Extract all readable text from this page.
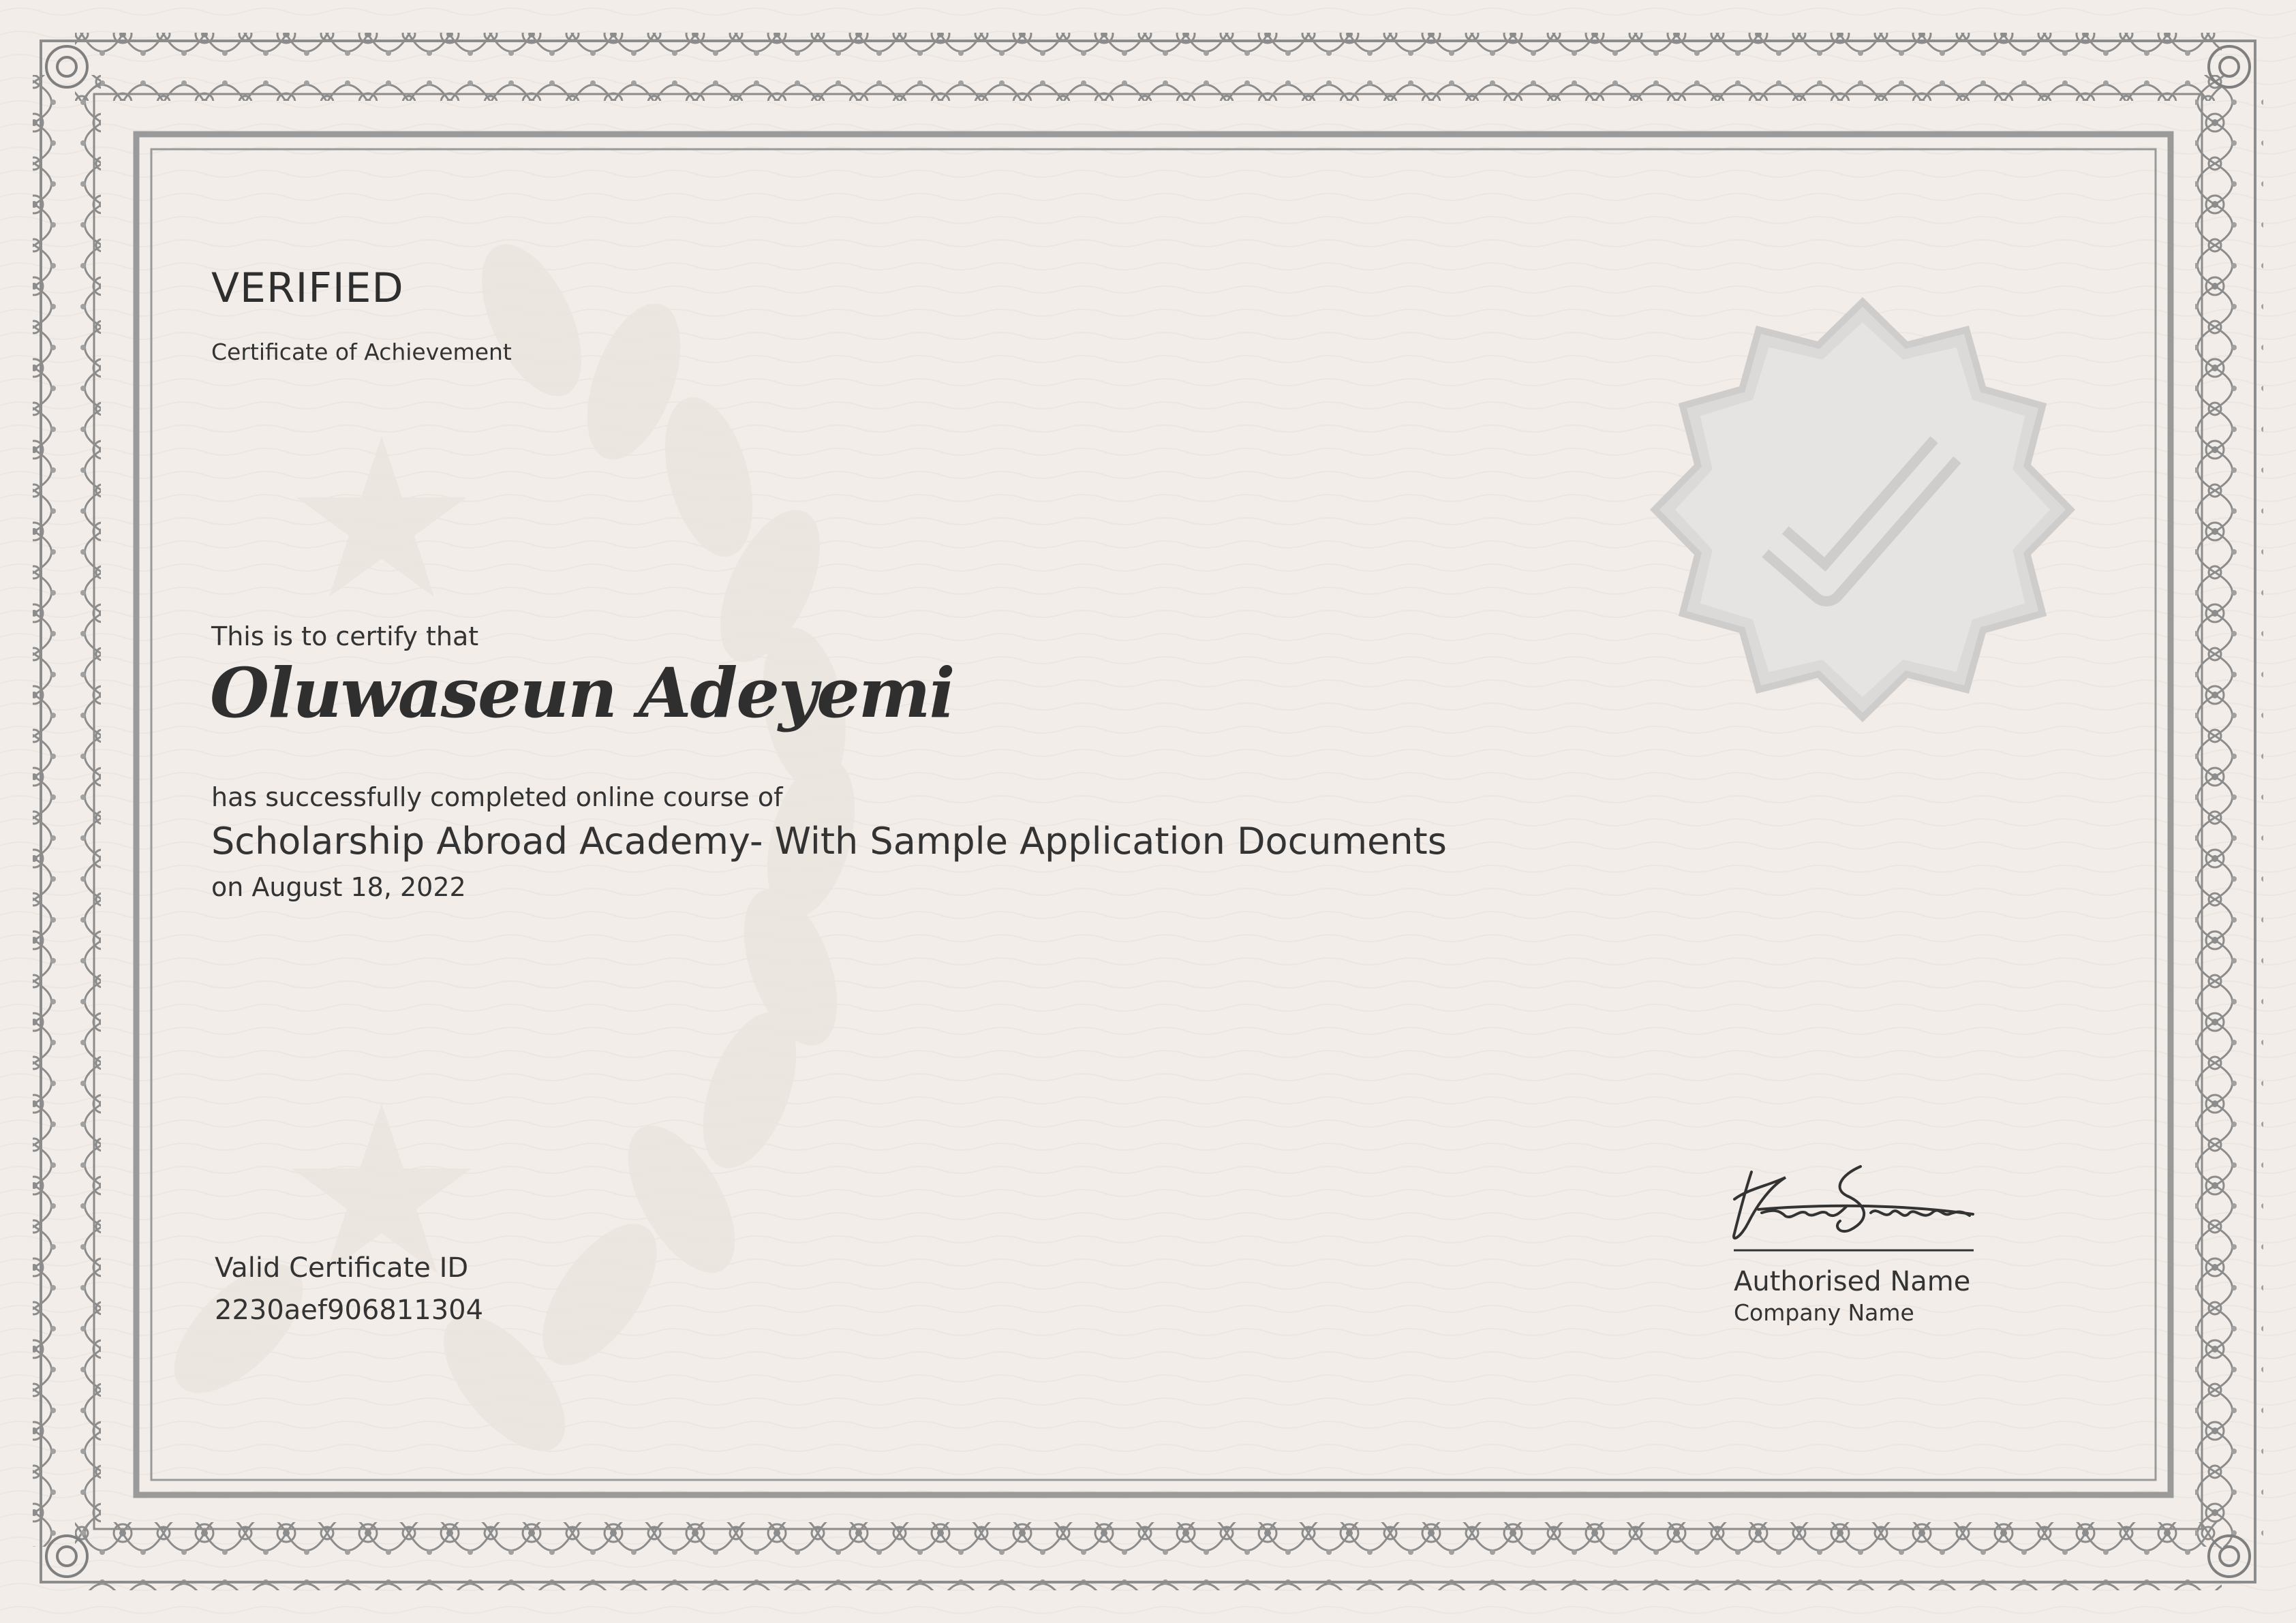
VERIFIED
Certificate of Achievement
This is to certify that
Oluwaseun Adeyemi
has successfully completed online course of
Scholarship Abroad Academy- With Sample Application Documents
on August 18, 2022
Valid Certificate ID
2230aef906811304
Authorised Name
Company Name
